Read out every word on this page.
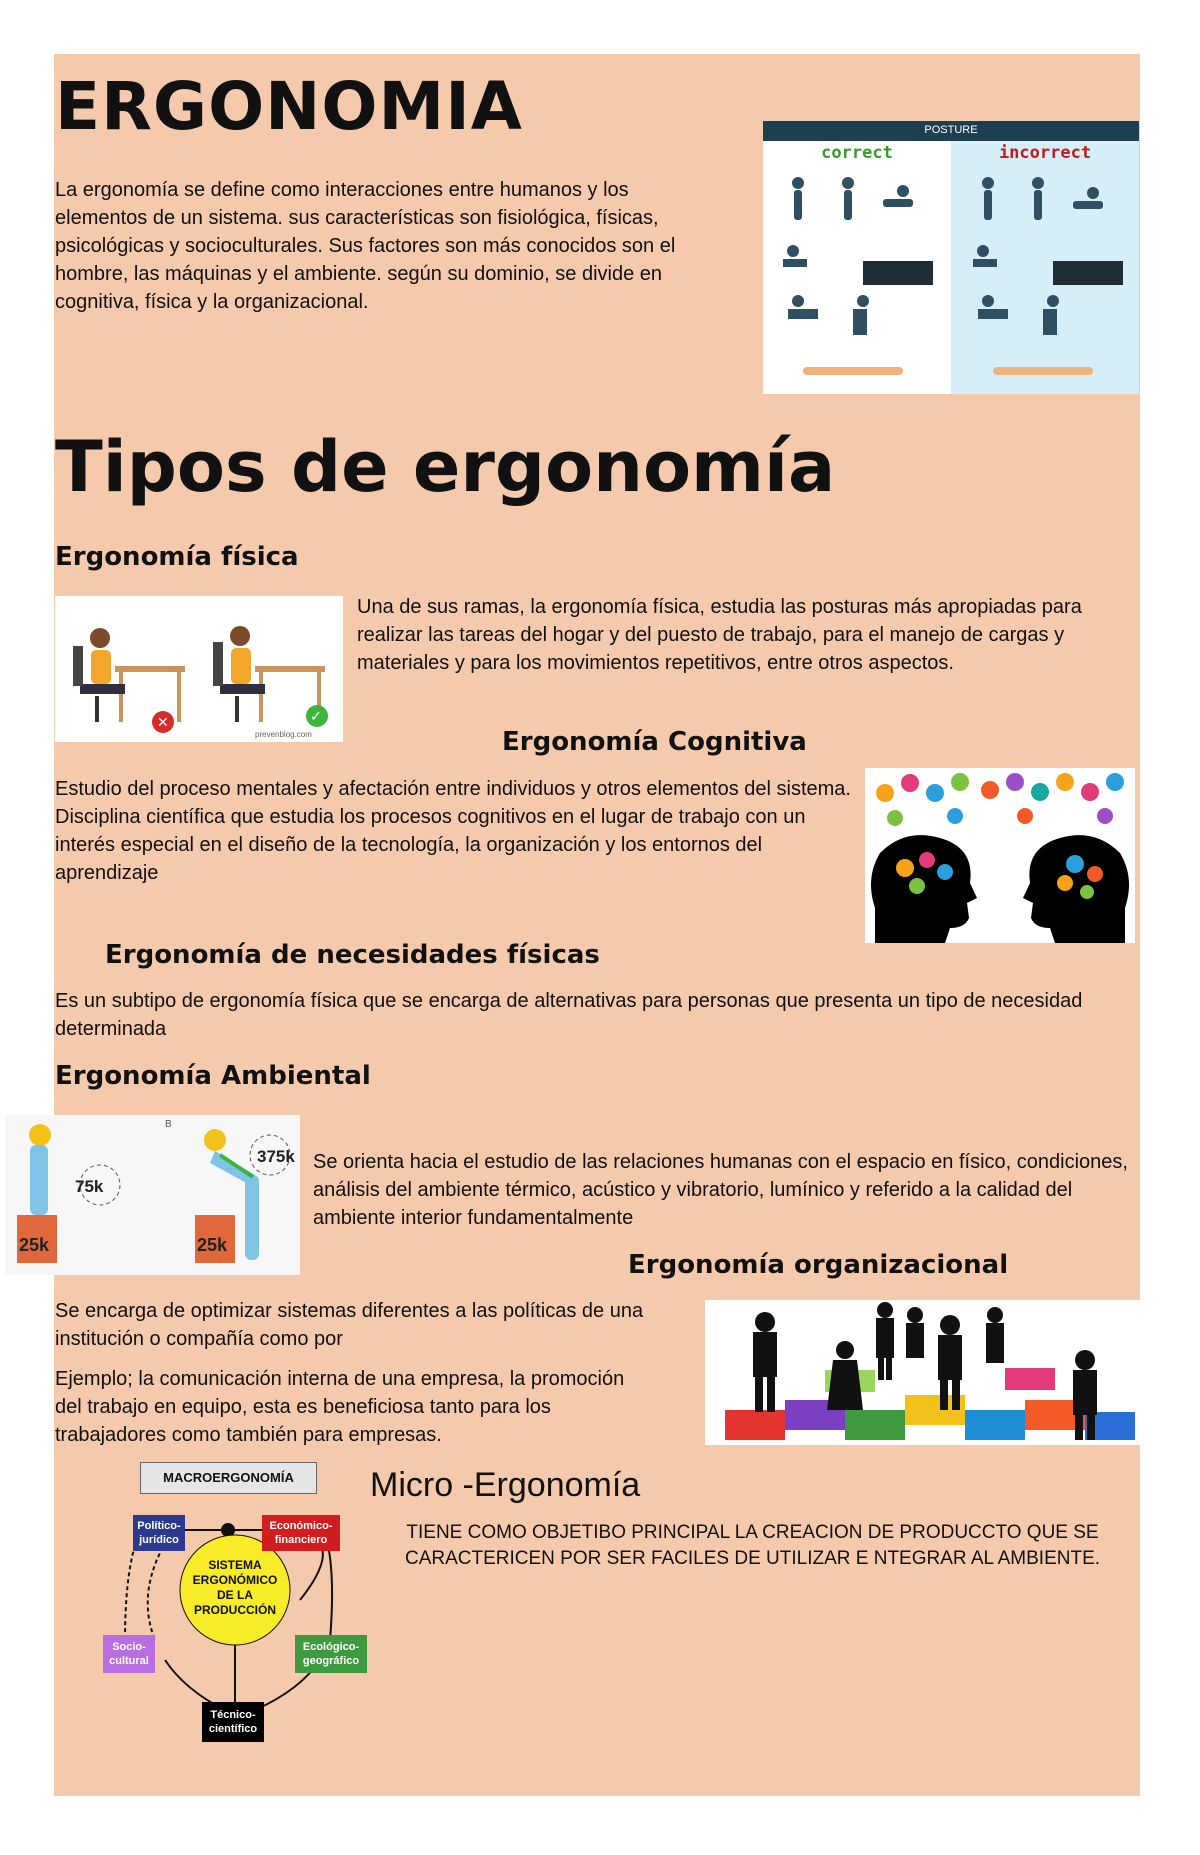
ERGONOMIA
La ergonomía se define como interacciones entre humanos y los elementos de un sistema. sus características son fisiológica, físicas, psicológicas y socioculturales. Sus factores son más conocidos son el hombre, las máquinas y el ambiente. según su dominio, se divide en cognitiva, física y la organizacional.
POSTURE
correct	incorrect
Tipos de ergonomía
Ergonomía física
✕	✓
prevenblog.com
Una de sus ramas, la ergonomía física, estudia las posturas más apropiadas para realizar las tareas del hogar y del puesto de trabajo, para el manejo de cargas y materiales y para los movimientos repetitivos, entre otros aspectos.
Ergonomía Cognitiva
Estudio del proceso mentales y afectación entre individuos y otros elementos del sistema. Disciplina científica que estudia los procesos cognitivos en el lugar de trabajo con un interés especial en el diseño de la tecnología, la organización y los entornos del aprendizaje
Ergonomía de necesidades físicas
Es un subtipo de ergonomía física que se encarga de alternativas para personas que presenta un tipo de necesidad determinada
Ergonomía Ambiental
25k
75k
25k
375k
B
Se orienta hacia el estudio de las relaciones humanas con el espacio en físico, condiciones, análisis del ambiente térmico, acústico y vibratorio, lumínico y referido a la calidad del ambiente interior fundamentalmente
Ergonomía organizacional
Se encarga de optimizar sistemas diferentes a las políticas de una institución o compañía como por
Ejemplo; la comunicación interna de una empresa, la promoción del trabajo en equipo, esta es beneficiosa tanto para los trabajadores como también para empresas.
MACROERGONOMÍA
Político-
jurídico
Económico-
financiero
SISTEMA
ERGONÓMICO
DE LA
PRODUCCIÓN
Socio-
cultural
Ecológico-
geográfico
Técnico-
científico
Micro -Ergonomía
TIENE COMO OBJETIBO PRINCIPAL LA CREACION DE PRODUCCTO QUE SE CARACTERICEN POR SER FACILES DE UTILIZAR E NTEGRAR AL AMBIENTE.
